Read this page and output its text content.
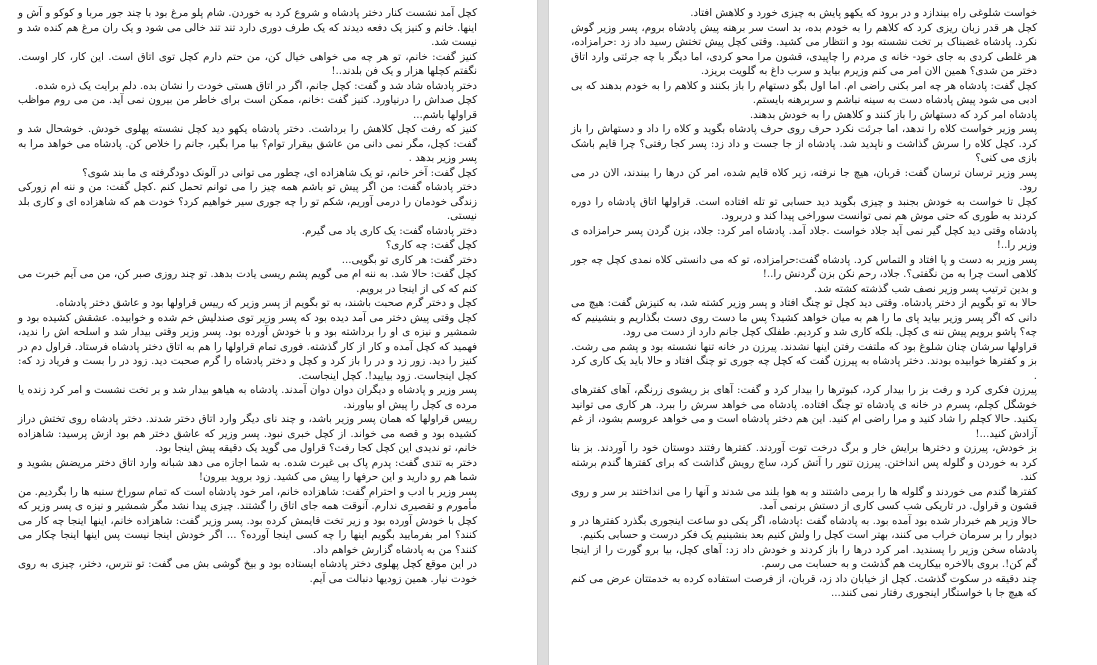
کچل آمد نشست کنار دختر پادشاه و شروع کرد به خوردن. شام پلو مرغ بود با چند جور مربا و کوکو و آش و اینها. خانم و کنیز یک دفعه دیدند که یک طرف دوری دارد تند تند خالی می شود و یک ران مرغ هم کنده شد و نیست شد.

کنیز گفت: خانم، تو هر چه می خواهی خیال کن، من حتم دارم کچل توی اتاق است. این کار، کار اوست. نگفتم کچلها هزار و یک فن بلدند..!

دختر پادشاه شاد شد و گفت: کچل جانم، اگر در اتاق هستی خودت را نشان بده. دلم برایت یک ذره شده.

کچل صداش را درنیاورد. کنیز گفت :خانم، ممکن است برای خاطر من بیرون نمی آید. من می روم مواظب قراولها باشم...

کنیز که رفت کچل کلاهش را برداشت. دختر پادشاه یکهو دید کچل نشسته پهلوی خودش. خوشحال شد و گفت: کچل، مگر نمی دانی من عاشق بیقرار توام؟ بیا مرا بگیر، جانم را خلاص کن. پادشاه می خواهد مرا به پسر وزیر بدهد .

کچل گفت: آخر خانم، تو یک شاهزاده ای، چطور می توانی در آلونک دودگرفته ی ما بند شوی؟

دختر پادشاه گفت: من اگر پیش تو باشم همه چیز را می توانم تحمل کنم .کچل گفت: من و ننه ام زورکی زندگی خودمان را درمی آوریم، شکم تو را چه جوری سیر خواهیم کرد؟ خودت هم که شاهزاده ای و کاری بلد نیستی.

دختر پادشاه گفت: یک کاری یاد می گیرم.

کچل گفت: چه کاری؟

دختر گفت: هر کاری تو بگویی...

کچل گفت: حالا شد. به ننه ام می گویم پشم ریسی یادت بدهد. تو چند روزی صبر کن، من می آیم خبرت می کنم که کی از اینجا در برویم.

کچل و دختر گرم صحبت باشند، به تو بگویم از پسر وزیر که رییس قراولها بود و عاشق دختر پادشاه.

کچل وقتی پیش دختر می آمد دیده بود که پسر وزیر توی صندلیش خم شده و خوابیده. عشقش کشیده بود و شمشیر و نیزه ی او را برداشته بود و با خودش آورده بود. پسر وزیر وقتی بیدار شد و اسلحه اش را ندید، فهمید که کچل آمده و کار از کار گذشته. فوری تمام قراولها را هم به اتاق دختر پادشاه فرستاد. قراول دم در کنیز را دید. زور زد و در را باز کرد و کچل و دختر پادشاه را گرم صحبت دید. زود در را بست و فریاد زد که: کچل اینجاست. زود بیایید!. کچل اینجاست.

پسر وزیر و پادشاه و دیگران دوان دوان آمدند. پادشاه به هیاهو بیدار شد و بر تخت نشست و امر کرد زنده یا مرده ی کچل را پیش او بیاورند.

رییس قراولها که همان پسر وزیر باشد، و چند نای دیگر وارد اتاق دختر شدند. دختر پادشاه روی تختش دراز کشیده بود و قصه می خواند. از کچل خبری نبود. پسر وزیر که عاشق دختر هم بود ازش پرسید: شاهزاده خانم، تو ندیدی این کچل کجا رفت؟ قراول می گوید یک دقیقه پیش اینجا بود.

دختر به تندی گفت: پدرم پاک بی غیرت شده. به شما اجازه می دهد شبانه وارد اتاق دختر مریضش بشوید و شما هم رو دارید و این حرفها را پیش می کشید. زود بروید بیرون!

پسر وزیر با ادب و احترام گفت: شاهزاده خانم، امر خود پادشاه است که تمام سوراخ سنبه ها را بگردیم. من مأمورم و تقصیری ندارم. آنوقت همه جای اتاق را گشتند. چیزی پیدا نشد مگر شمشیر و نیزه ی پسر وزیر که کچل با خودش آورده بود و زیر تخت قایمش کرده بود. پسر وزیر گفت: شاهزاده خانم، اینها اینجا چه کار می کنند؟ امر بفرمایید بگویم اینها را چه کسی اینجا آورده؟ ... اگر خودش اینجا نیست پس اینها اینجا چکار می کنند؟ من به پادشاه گزارش خواهم داد.

در این موقع کچل پهلوی دختر پادشاه ایستاده بود و بیخ گوشی بش می گفت: تو نترس، دختر، چیزی به روی خودت نیار. همین زودیها دنبالت می آیم.

خواست شلوغی راه بیندازد و در برود که یکهو پایش به چیزی خورد و کلاهش افتاد.

کچل هر قدر زبان ریزی کرد که کلاهم را به خودم بده، بد است سر برهنه پیش پادشاه بروم، پسر وزیر گوش نکرد. پادشاه غضبناک بر تخت نشسته بود و انتظار می کشید. وقتی کچل پیش تختش رسید داد زد :حرامزاده، هر غلطی کردی به جای خود- خانه ی مردم را چاپیدی، قشون مرا محو کردی، اما دیگر با چه جرئتی وارد اتاق دختر من شدی؟ همین الان امر می کنم وزیرم بیاید و سرب داغ به گلویت بریزد.

کچل گفت: پادشاه هر چه امر بکنی راضی ام. اما اول بگو دستهام را باز بکنند و کلاهم را به خودم بدهند که بی ادبی می شود پیش پادشاه دست به سینه نباشم و سربرهنه بایستم.

پادشاه امر کرد که دستهاش را باز کنند و کلاهش را به خودش بدهند.

پسر وزیر خواست کلاه را ندهد، اما جرئت نکرد حرف روی حرف پادشاه بگوید و کلاه را داد و دستهاش را باز کرد. کچل کلاه را سرش گذاشت و ناپدید شد. پادشاه از جا جست و داد زد: پسر کجا رفتی؟ چرا قایم باشک بازی می کنی؟

پسر وزیر ترسان ترسان گفت: قربان، هیچ جا نرفته، زیر کلاه قایم شده، امر کن درها را ببندند، الان در می رود.

کچل تا خواست به خودش بجنبد و چیزی بگوید دید حسابی تو تله افتاده است. قراولها اتاق پادشاه را دوره کردند به طوری که حتی موش هم نمی توانست سوراخی پیدا کند و دربرود.

پادشاه وقتی دید کچل گیر نمی آید جلاد خواست .جلاد آمد. پادشاه امر کرد: جلاد، بزن گردن پسر حرامزاده ی وزیر را..!

پسر وزیر به دست و پا افتاد و التماس کرد. پادشاه گفت:حرامزاده، تو که می دانستی کلاه نمدی کچل چه جور کلاهی است چرا به من نگفتی؟. جلاد، رحم نکن بزن گردنش را..!

و بدین ترتیب پسر وزیر نصف شب گذشته کشته شد.

حالا به تو بگویم از دختر پادشاه. وقتی دید کچل تو چنگ افتاد و پسر وزیر کشته شد، به کنیزش گفت: هیچ می دانی که اگر پسر وزیر بیاید پای ما را هم به میان خواهد کشید؟ پس ما دست روی دست بگذاریم و بنشینیم که چه؟ پاشو برویم پیش ننه ی کچل. بلکه کاری شد و کردیم. طفلک کچل جانم دارد از دست می رود.

قراولها سرشان چنان شلوغ بود که ملتفت رفتن اینها نشدند. پیرزن در خانه تنها نشسته بود و پشم می رشت. بز و کفترها خوابیده بودند. دختر پادشاه به پیرزن گفت که کچل چه جوری تو چنگ افتاد و حالا باید یک کاری کرد .

پیرزن فکری کرد و رفت بز را بیدار کرد، کبوترها را بیدار کرد و گفت: آهای بز ریشوی زرنگم، آهای کفترهای خوشگل کچلم، پسرم در خانه ی پادشاه تو چنگ افتاده. پادشاه می خواهد سرش را ببرد. هر کاری می توانید بکنید. حالا کچلم را شاد کنید و مرا راضی ام کنید. این هم دختر پادشاه است و می خواهد عروسم بشود، از غم آزادش کنید...!

بز خودش، پیرزن و دخترها برایش خار و برگ درخت توت آوردند. کفترها رفتند دوستان خود را آوردند. بز بنا کرد به خوردن و گلوله پس انداختن. پیرزن تنور را آتش کرد، ساچ رویش گذاشت که برای کفترها گندم برشته کند.

کفترها گندم می خوردند و گلوله ها را برمی داشتند و به هوا بلند می شدند و آنها را می انداختند بر سر و روی قشون و قراول. در تاریکی شب کسی کاری از دستش برنمی آمد.

حالا وزیر هم خبردار شده بود آمده بود. به پادشاه گفت :پادشاه، اگر یکی دو ساعت اینجوری بگذرد کفترها در و دیوار را بر سرمان خراب می کنند، بهتر است کچل را ولش کنیم بعد بنشینیم یک فکر درست و حسابی بکنیم.

پادشاه سخن وزیر را پسندید. امر کرد درها را باز کردند و خودش داد زد: آهای کچل، بیا برو گورت را از اینجا گم کن!. بروی بالاخره بیکاریت هم گذشت و به حسابت می رسم.

چند دقیقه در سکوت گذشت. کچل از خیابان داد زد، قربان، از فرصت استفاده کرده به خدمتتان عرض می کنم که هیچ جا با خواستگار اینجوری رفتار نمی کنند...
